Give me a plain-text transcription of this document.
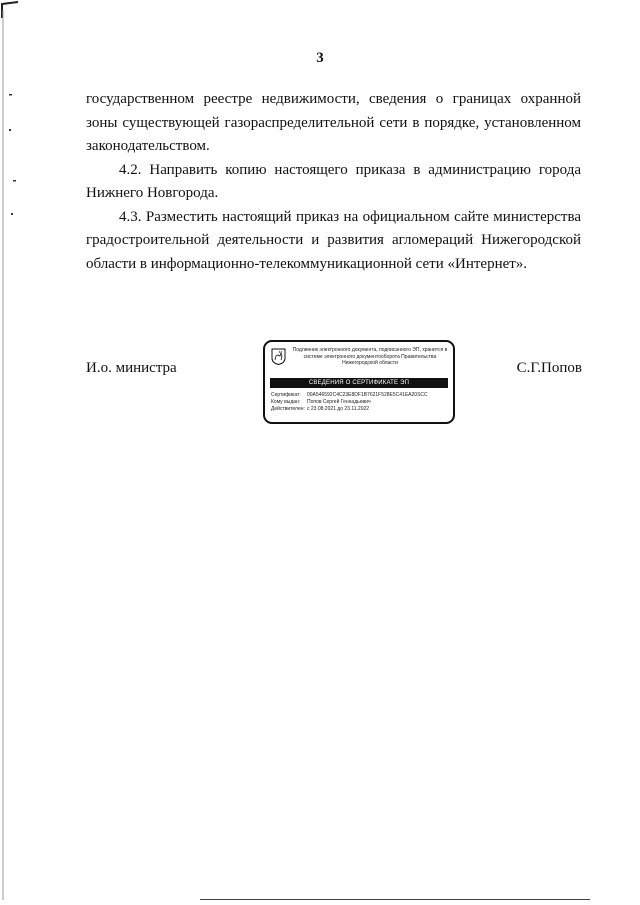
3

государственном реестре недвижимости, сведения о границах охранной зоны существующей газораспределительной сети в порядке, установленном законодательством.

4.2. Направить копию настоящего приказа в администрацию города Нижнего Новгорода.

4.3. Разместить настоящий приказ на официальном сайте министерства градостроительной деятельности и развития агломераций Нижегородской области в информационно-телекоммуникационной сети «Интернет».

И.о. министра
Подлинник электронного документа, подписанного ЭП, хранится в системе электронного документооборота Правительства Нижегородской области
СВЕДЕНИЯ О СЕРТИФИКАТЕ ЭП
Сертификат: 00A546592C4C23E8DF1B7621F528E5C41EA20SCC
Кому выдан: Попов Сергей Геннадьевич
Действителен: с 23.08.2021 до 23.11.2022
С.Г.Попов
